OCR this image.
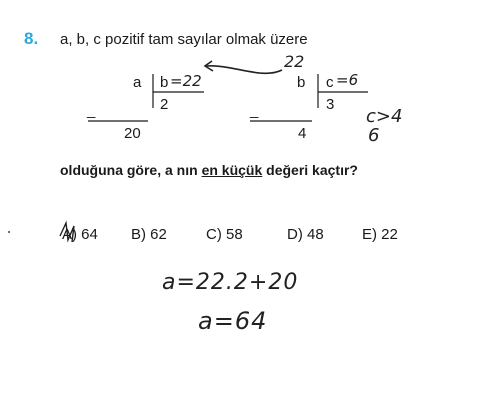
8. a, b, c pozitif tam sayılar olmak üzere
a b =22
2
_
20
b c =6
3
_
4
22
c>4
6
olduğuna göre, a nın en küçük değeri kaçtır?
A) 64 B) 62	C) 58	D) 48	E) 22
a=22.2+20
a=64
